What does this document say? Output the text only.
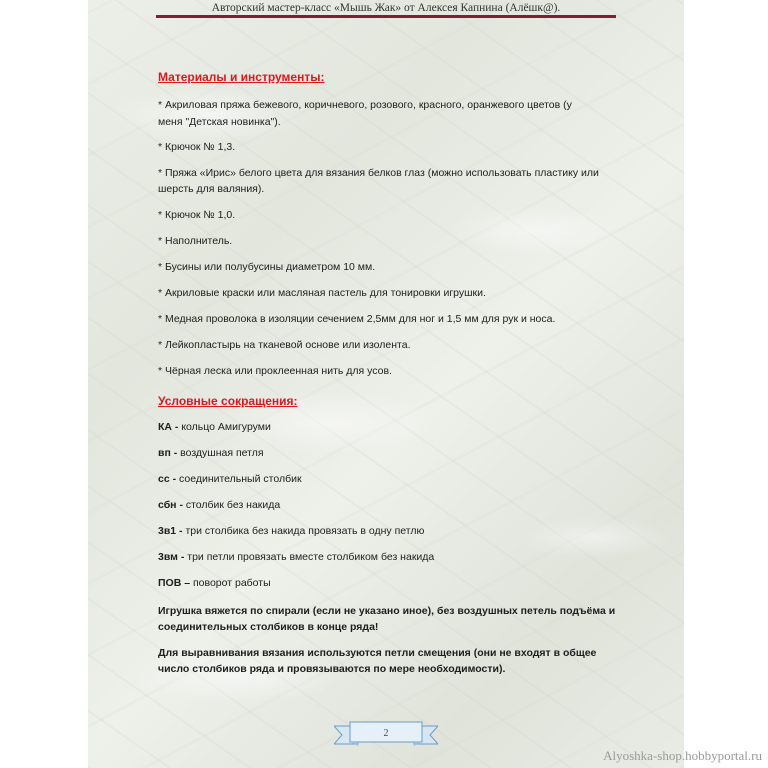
Авторский мастер-класс «Мышь Жак» от Алексея Капнина (Алёшк@).
Материалы и инструменты:
* Акриловая пряжа бежевого, коричневого, розового, красного, оранжевого цветов (у
меня "Детская новинка").
* Крючок № 1,3.
* Пряжа «Ирис» белого цвета для вязания белков глаз (можно использовать пластику или
шерсть для валяния).
* Крючок № 1,0.
* Наполнитель.
* Бусины или полубусины диаметром 10 мм.
* Акриловые краски или масляная пастель для тонировки игрушки.
* Медная проволока в изоляции сечением 2,5мм для ног и 1,5 мм для рук и носа.
* Лейкопластырь на тканевой основе или изолента.
* Чёрная леска или проклеенная нить для усов.
Условные сокращения:
КА - кольцо Амигуруми
вп - воздушная петля
сс - соединительный столбик
сбн - столбик без накида
3в1 - три столбика без накида провязать в одну петлю
3вм - три петли провязать вместе столбиком без накида
ПОВ – поворот работы
Игрушка вяжется по спирали (если не указано иное), без воздушных петель подъёма и
соединительных столбиков в конце ряда!
Для выравнивания вязания используются петли смещения (они не входят в общее
число столбиков ряда и провязываются по мере необходимости).
2
Alyoshka-shop.hobbyportal.ru
